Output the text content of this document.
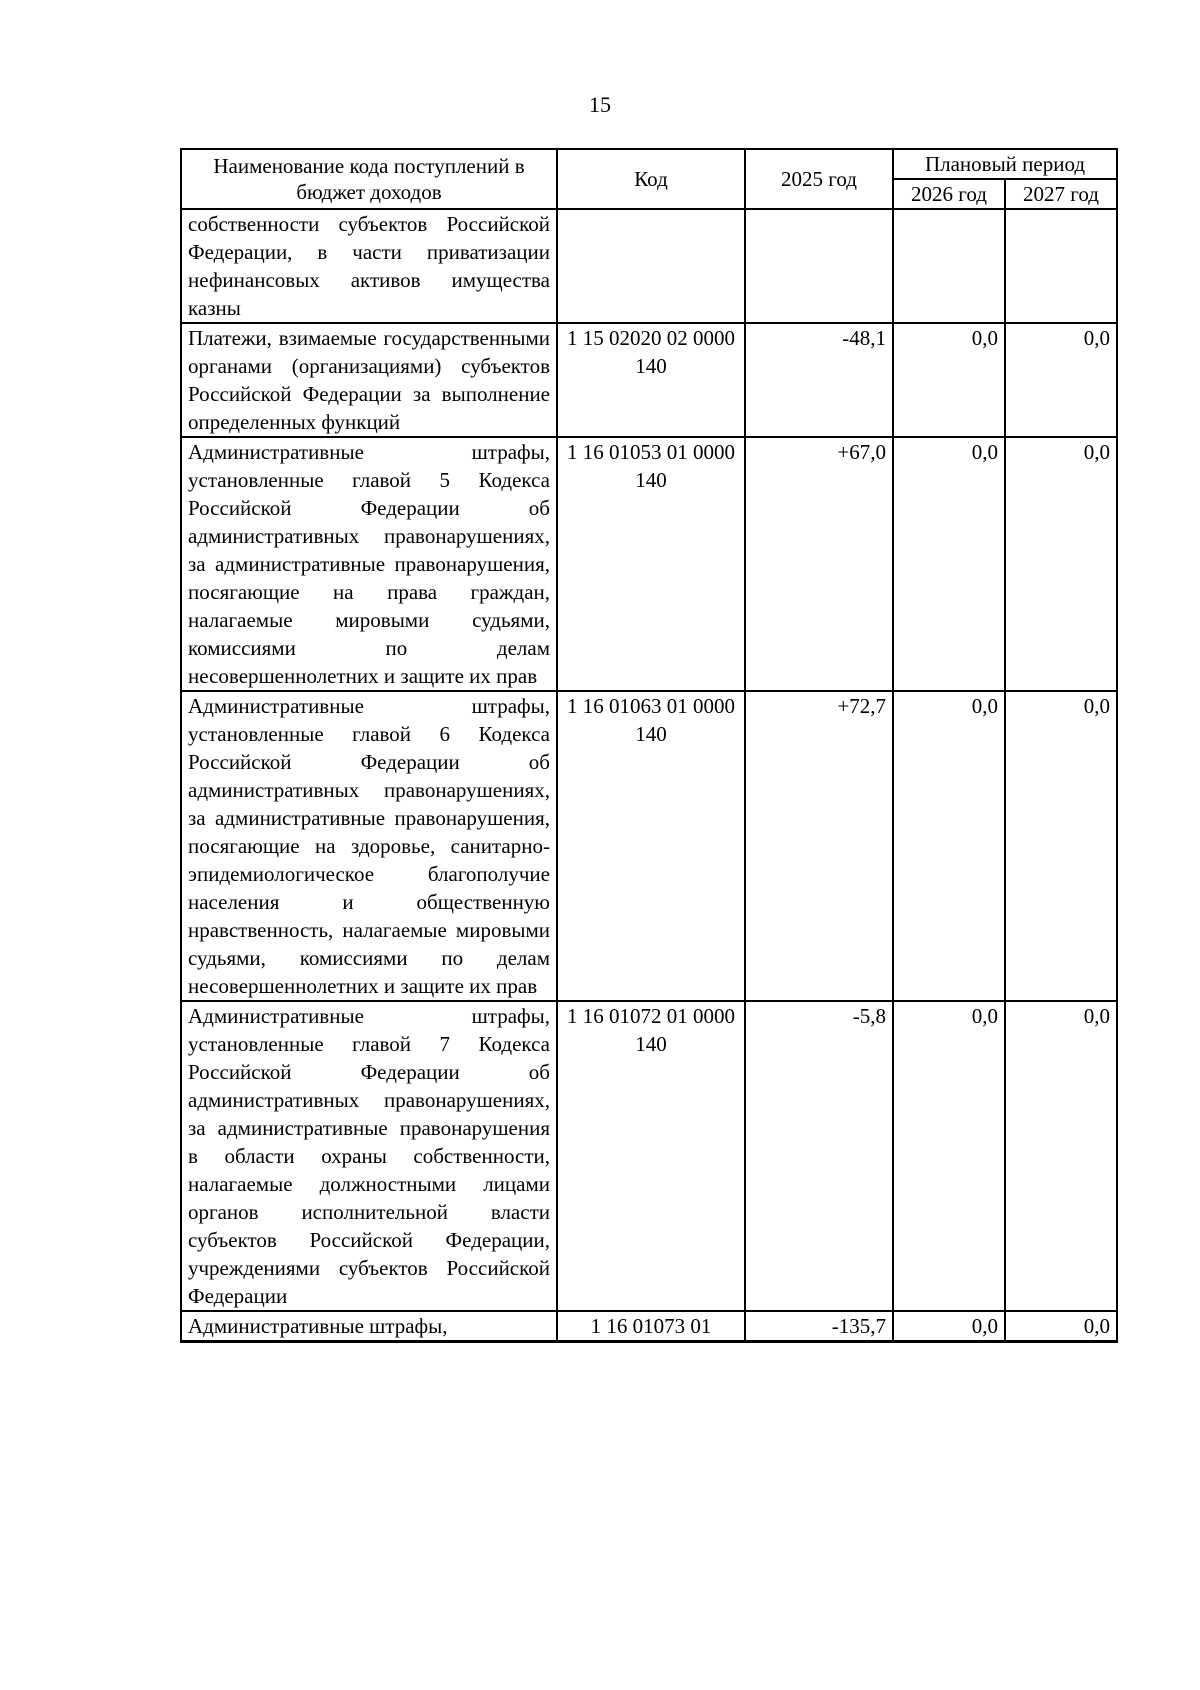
15
Наименование кода поступлений в бюджет доходов	Код	2025 год	Плановый период	
			2026 год	2027 год
собственности субъектов Российской Федерации, в части приватизации нефинансовых активов имущества казны				
Платежи, взимаемые государственными органами (организациями) субъектов Российской Федерации за выполнение определенных функций	1 15 02020 02 0000 140	-48,1	0,0	0,0
Административные штрафы, установленные главой 5 Кодекса Российской Федерации об административных правонарушениях, за административные правонарушения, посягающие на права граждан, налагаемые мировыми судьями, комиссиями по делам несовершеннолетних и защите их прав	1 16 01053 01 0000 140	+67,0	0,0	0,0
Административные штрафы, установленные главой 6 Кодекса Российской Федерации об административных правонарушениях, за административные правонарушения, посягающие на здоровье, санитарно-эпидемиологическое благополучие населения и общественную нравственность, налагаемые мировыми судьями, комиссиями по делам несовершеннолетних и защите их прав	1 16 01063 01 0000 140	+72,7	0,0	0,0
Административные штрафы, установленные главой 7 Кодекса Российской Федерации об административных правонарушениях, за административные правонарушения в области охраны собственности, налагаемые должностными лицами органов исполнительной власти субъектов Российской Федерации, учреждениями субъектов Российской Федерации	1 16 01072 01 0000 140	-5,8	0,0	0,0
Административные штрафы,	1 16 01073 01	-135,7	0,0	0,0
